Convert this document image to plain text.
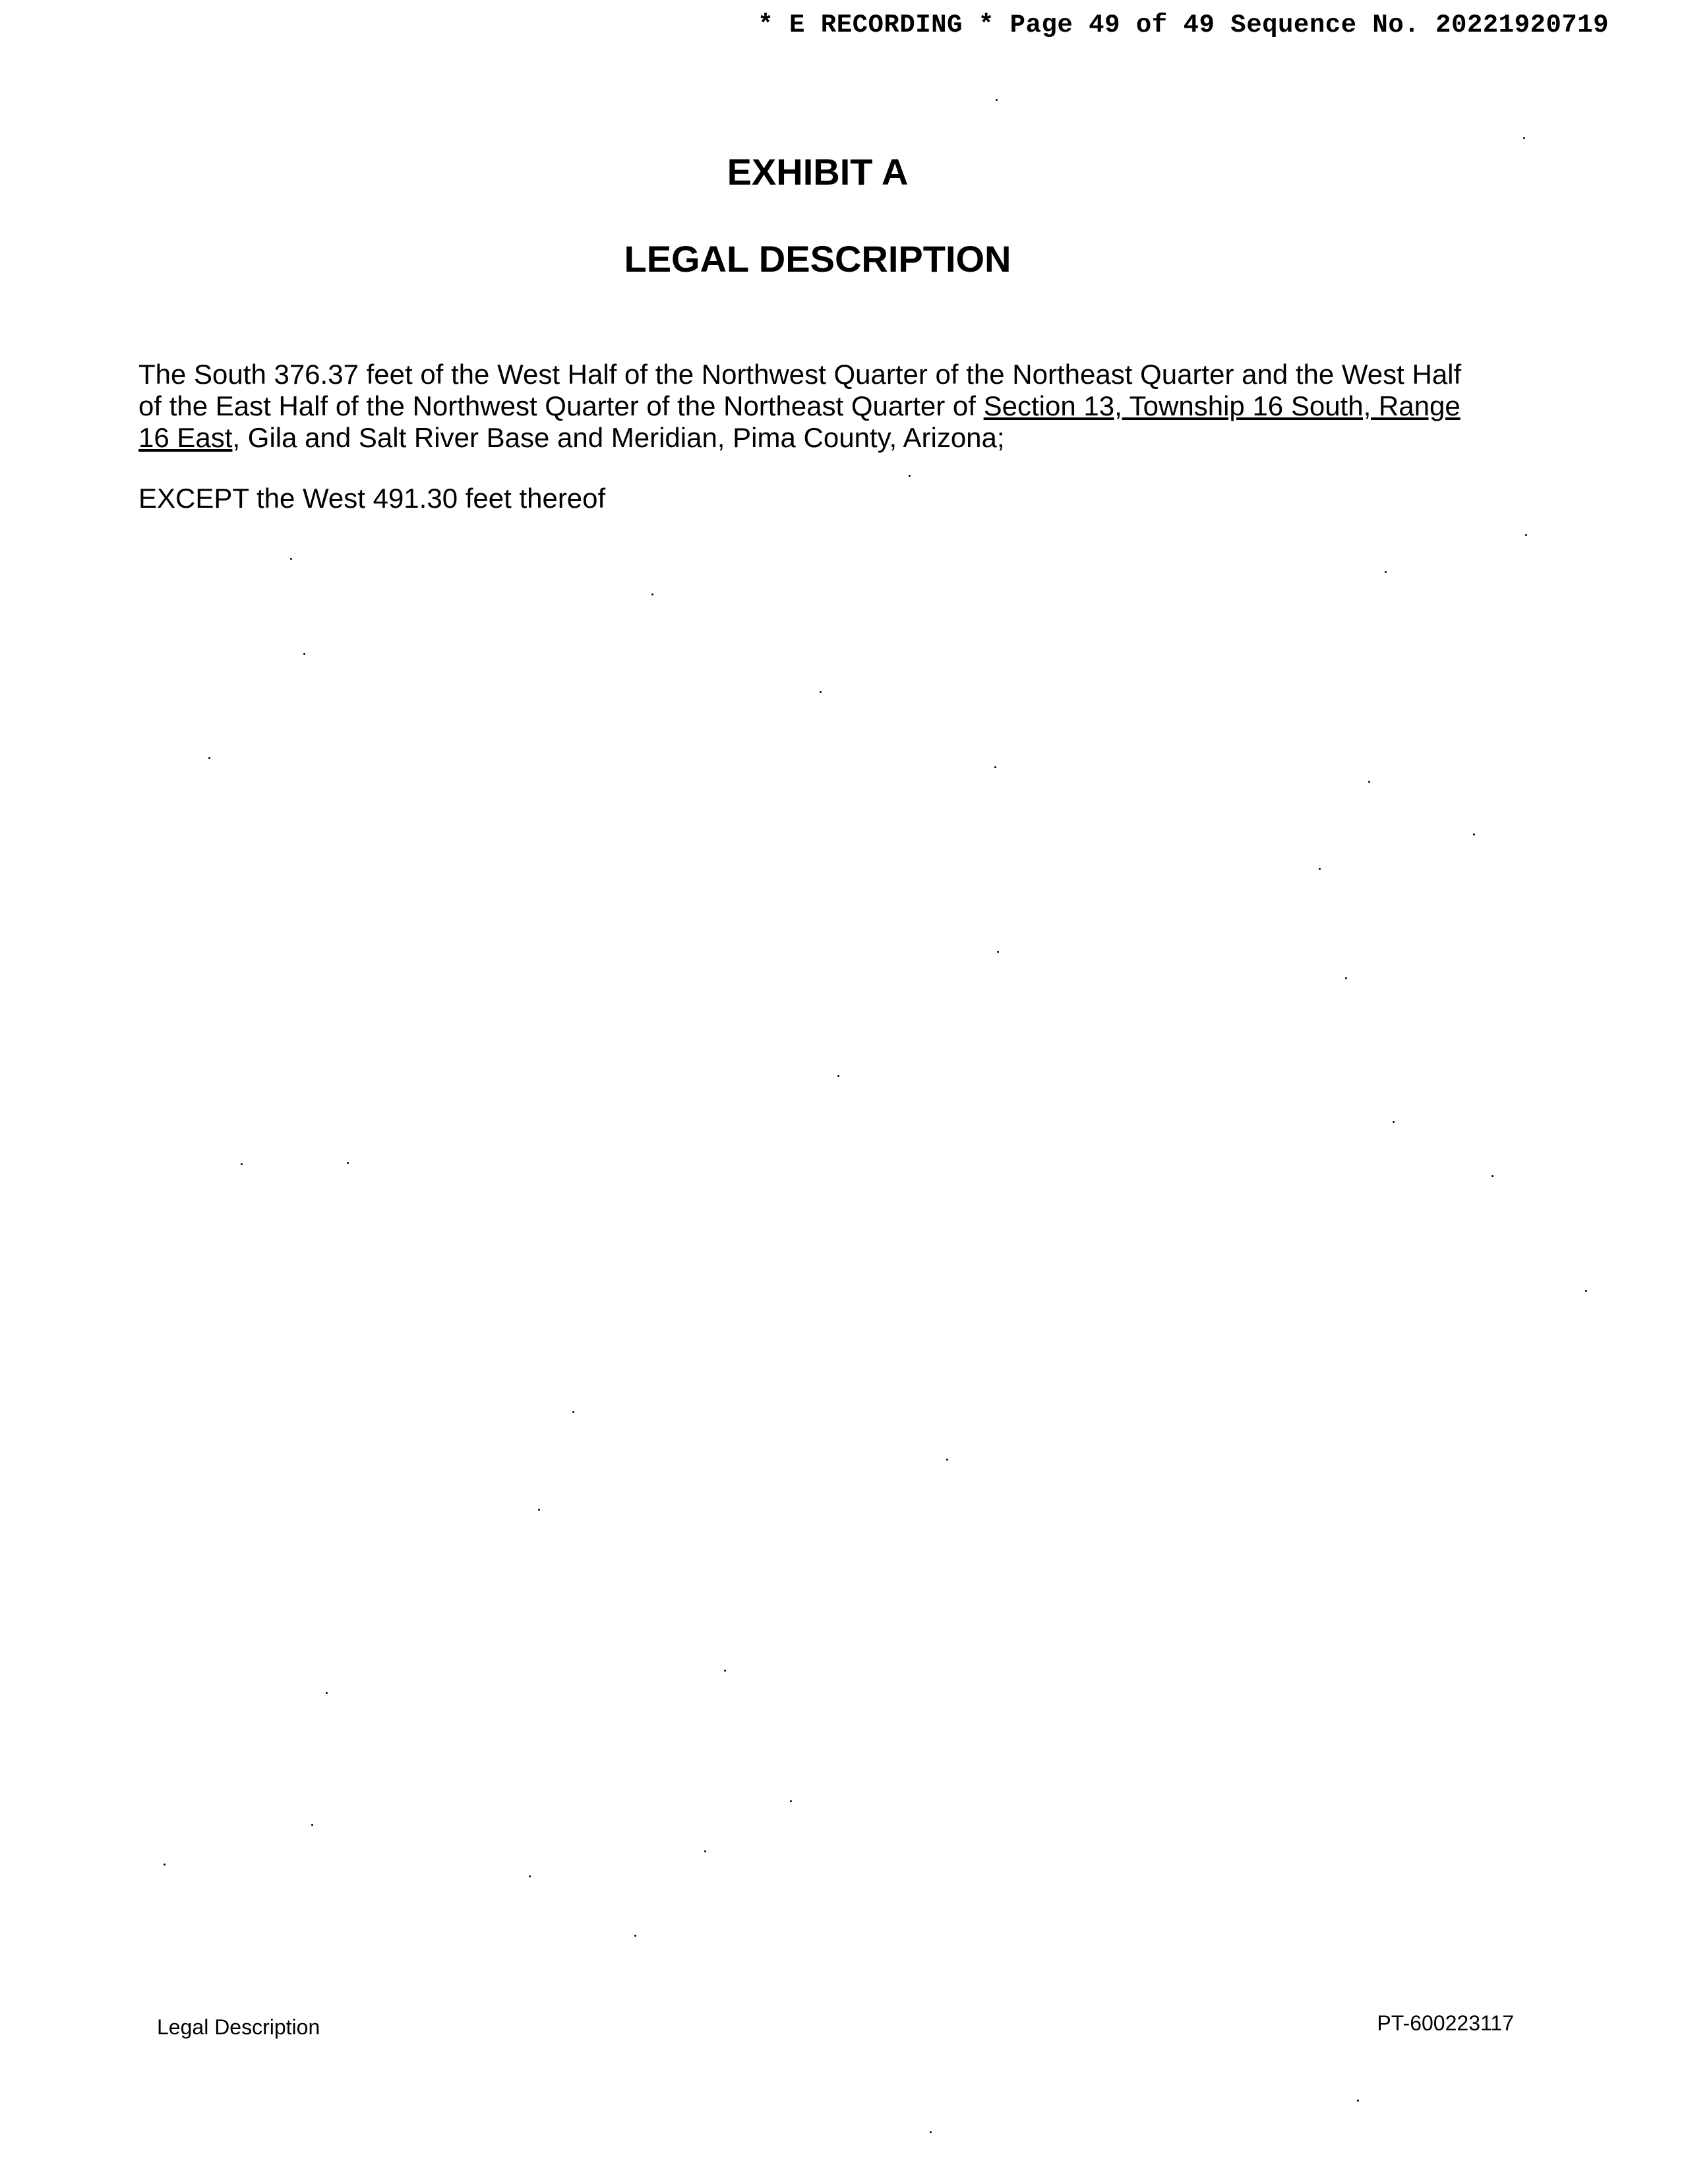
* E RECORDING * Page 49 of 49 Sequence No. 20221920719
EXHIBIT A
LEGAL DESCRIPTION
The South 376.37 feet of the West Half of the Northwest Quarter of the Northeast Quarter and the West Half of the East Half of the Northwest Quarter of the Northeast Quarter of Section 13, Township 16 South, Range 16 East, Gila and Salt River Base and Meridian, Pima County, Arizona;
EXCEPT the West 491.30 feet thereof
Legal Description	PT-600223117
